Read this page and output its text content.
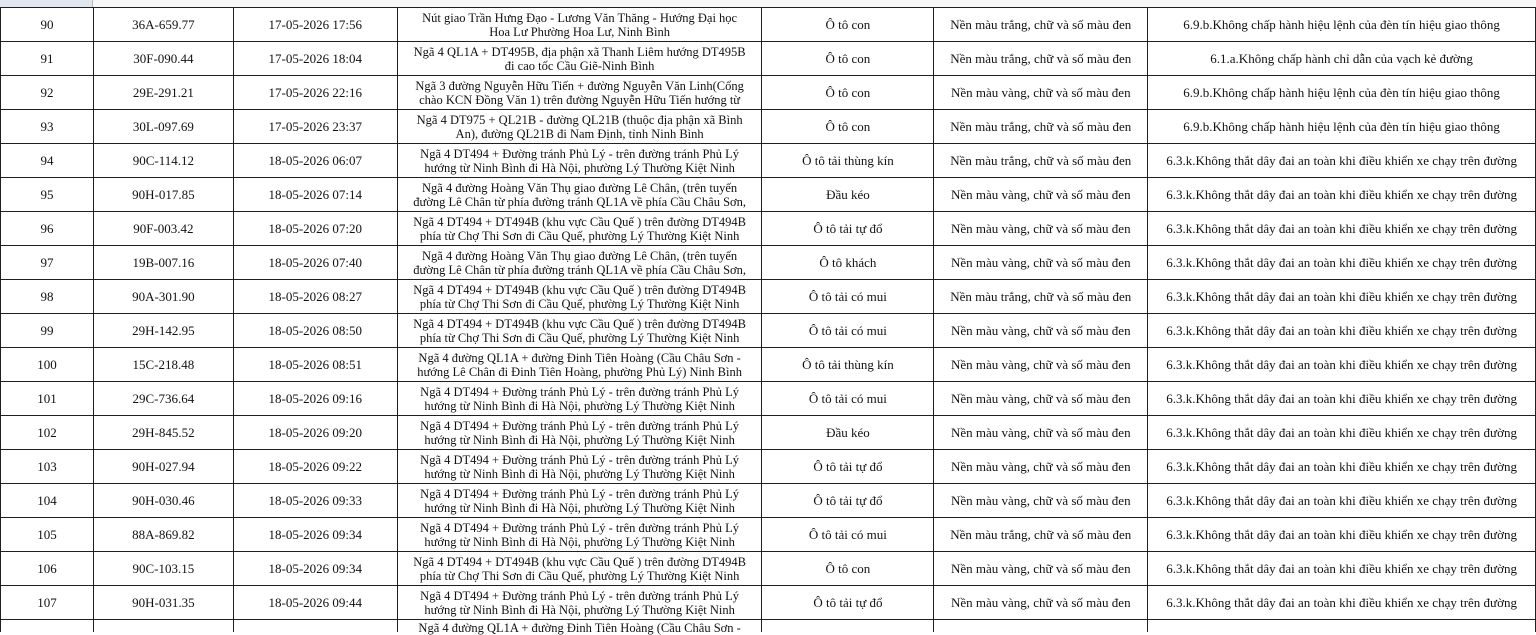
90	36A-659.77	17-05-2026 17:56	Nút giao Trần Hưng Đạo - Lương Văn Thăng - Hướng Đại học
Hoa Lư Phường Hoa Lư, Ninh Bình	Ô tô con	Nền màu trắng, chữ và số màu đen	6.9.b.Không chấp hành hiệu lệnh của đèn tín hiệu giao thông
91	30F-090.44	17-05-2026 18:04	Ngã 4 QL1A + DT495B, địa phận xã Thanh Liêm hướng DT495B
đi cao tốc Cầu Giẽ-Ninh Bình	Ô tô con	Nền màu trắng, chữ và số màu đen	6.1.a.Không chấp hành chỉ dẫn của vạch kẻ đường
92	29E-291.21	17-05-2026 22:16	Ngã 3 đường Nguyễn Hữu Tiến + đường Nguyễn Văn Linh(Cổng
chào KCN Đồng Văn 1) trên đường Nguyễn Hữu Tiến hướng từ	Ô tô con	Nền màu vàng, chữ và số màu đen	6.9.b.Không chấp hành hiệu lệnh của đèn tín hiệu giao thông
93	30L-097.69	17-05-2026 23:37	Ngã 4 DT975 + QL21B - đường QL21B (thuộc địa phận xã Bình
An), đường QL21B đi Nam Định, tỉnh Ninh Bình	Ô tô con	Nền màu trắng, chữ và số màu đen	6.9.b.Không chấp hành hiệu lệnh của đèn tín hiệu giao thông
94	90C-114.12	18-05-2026 06:07	Ngã 4 DT494 + Đường tránh Phủ Lý - trên đường tránh Phủ Lý
hướng từ Ninh Bình đi Hà Nội, phường Lý Thường Kiệt Ninh	Ô tô tải thùng kín	Nền màu trắng, chữ và số màu đen	6.3.k.Không thắt dây đai an toàn khi điều khiển xe chạy trên đường
95	90H-017.85	18-05-2026 07:14	Ngã 4 đường Hoàng Văn Thụ giao đường Lê Chân, (trên tuyến
đường Lê Chân từ phía đường tránh QL1A về phía Cầu Châu Sơn,	Đầu kéo	Nền màu vàng, chữ và số màu đen	6.3.k.Không thắt dây đai an toàn khi điều khiển xe chạy trên đường
96	90F-003.42	18-05-2026 07:20	Ngã 4 DT494 + DT494B (khu vực Cầu Quế ) trên đường DT494B
phía từ Chợ Thi Sơn đi Cầu Quế, phường Lý Thường Kiệt Ninh	Ô tô tải tự đổ	Nền màu vàng, chữ và số màu đen	6.3.k.Không thắt dây đai an toàn khi điều khiển xe chạy trên đường
97	19B-007.16	18-05-2026 07:40	Ngã 4 đường Hoàng Văn Thụ giao đường Lê Chân, (trên tuyến
đường Lê Chân từ phía đường tránh QL1A về phía Cầu Châu Sơn,	Ô tô khách	Nền màu vàng, chữ và số màu đen	6.3.k.Không thắt dây đai an toàn khi điều khiển xe chạy trên đường
98	90A-301.90	18-05-2026 08:27	Ngã 4 DT494 + DT494B (khu vực Cầu Quế ) trên đường DT494B
phía từ Chợ Thi Sơn đi Cầu Quế, phường Lý Thường Kiệt Ninh	Ô tô tải có mui	Nền màu trắng, chữ và số màu đen	6.3.k.Không thắt dây đai an toàn khi điều khiển xe chạy trên đường
99	29H-142.95	18-05-2026 08:50	Ngã 4 DT494 + DT494B (khu vực Cầu Quế ) trên đường DT494B
phía từ Chợ Thi Sơn đi Cầu Quế, phường Lý Thường Kiệt Ninh	Ô tô tải có mui	Nền màu vàng, chữ và số màu đen	6.3.k.Không thắt dây đai an toàn khi điều khiển xe chạy trên đường
100	15C-218.48	18-05-2026 08:51	Ngã 4 đường QL1A + đường Đinh Tiên Hoàng (Cầu Châu Sơn -
hướng Lê Chân đi Đinh Tiên Hoàng, phường Phủ Lý) Ninh Bình	Ô tô tải thùng kín	Nền màu vàng, chữ và số màu đen	6.3.k.Không thắt dây đai an toàn khi điều khiển xe chạy trên đường
101	29C-736.64	18-05-2026 09:16	Ngã 4 DT494 + Đường tránh Phủ Lý - trên đường tránh Phủ Lý
hướng từ Ninh Bình đi Hà Nội, phường Lý Thường Kiệt Ninh	Ô tô tải có mui	Nền màu vàng, chữ và số màu đen	6.3.k.Không thắt dây đai an toàn khi điều khiển xe chạy trên đường
102	29H-845.52	18-05-2026 09:20	Ngã 4 DT494 + Đường tránh Phủ Lý - trên đường tránh Phủ Lý
hướng từ Ninh Bình đi Hà Nội, phường Lý Thường Kiệt Ninh	Đầu kéo	Nền màu vàng, chữ và số màu đen	6.3.k.Không thắt dây đai an toàn khi điều khiển xe chạy trên đường
103	90H-027.94	18-05-2026 09:22	Ngã 4 DT494 + Đường tránh Phủ Lý - trên đường tránh Phủ Lý
hướng từ Ninh Bình đi Hà Nội, phường Lý Thường Kiệt Ninh	Ô tô tải tự đổ	Nền màu vàng, chữ và số màu đen	6.3.k.Không thắt dây đai an toàn khi điều khiển xe chạy trên đường
104	90H-030.46	18-05-2026 09:33	Ngã 4 DT494 + Đường tránh Phủ Lý - trên đường tránh Phủ Lý
hướng từ Ninh Bình đi Hà Nội, phường Lý Thường Kiệt Ninh	Ô tô tải tự đổ	Nền màu vàng, chữ và số màu đen	6.3.k.Không thắt dây đai an toàn khi điều khiển xe chạy trên đường
105	88A-869.82	18-05-2026 09:34	Ngã 4 DT494 + Đường tránh Phủ Lý - trên đường tránh Phủ Lý
hướng từ Ninh Bình đi Hà Nội, phường Lý Thường Kiệt Ninh	Ô tô tải có mui	Nền màu trắng, chữ và số màu đen	6.3.k.Không thắt dây đai an toàn khi điều khiển xe chạy trên đường
106	90C-103.15	18-05-2026 09:34	Ngã 4 DT494 + DT494B (khu vực Cầu Quế ) trên đường DT494B
phía từ Chợ Thi Sơn đi Cầu Quế, phường Lý Thường Kiệt Ninh	Ô tô con	Nền màu vàng, chữ và số màu đen	6.3.k.Không thắt dây đai an toàn khi điều khiển xe chạy trên đường
107	90H-031.35	18-05-2026 09:44	Ngã 4 DT494 + Đường tránh Phủ Lý - trên đường tránh Phủ Lý
hướng từ Ninh Bình đi Hà Nội, phường Lý Thường Kiệt Ninh	Ô tô tải tự đổ	Nền màu vàng, chữ và số màu đen	6.3.k.Không thắt dây đai an toàn khi điều khiển xe chạy trên đường

			Ngã 4 đường QL1A + đường Đinh Tiên Hoàng (Cầu Châu Sơn -			
